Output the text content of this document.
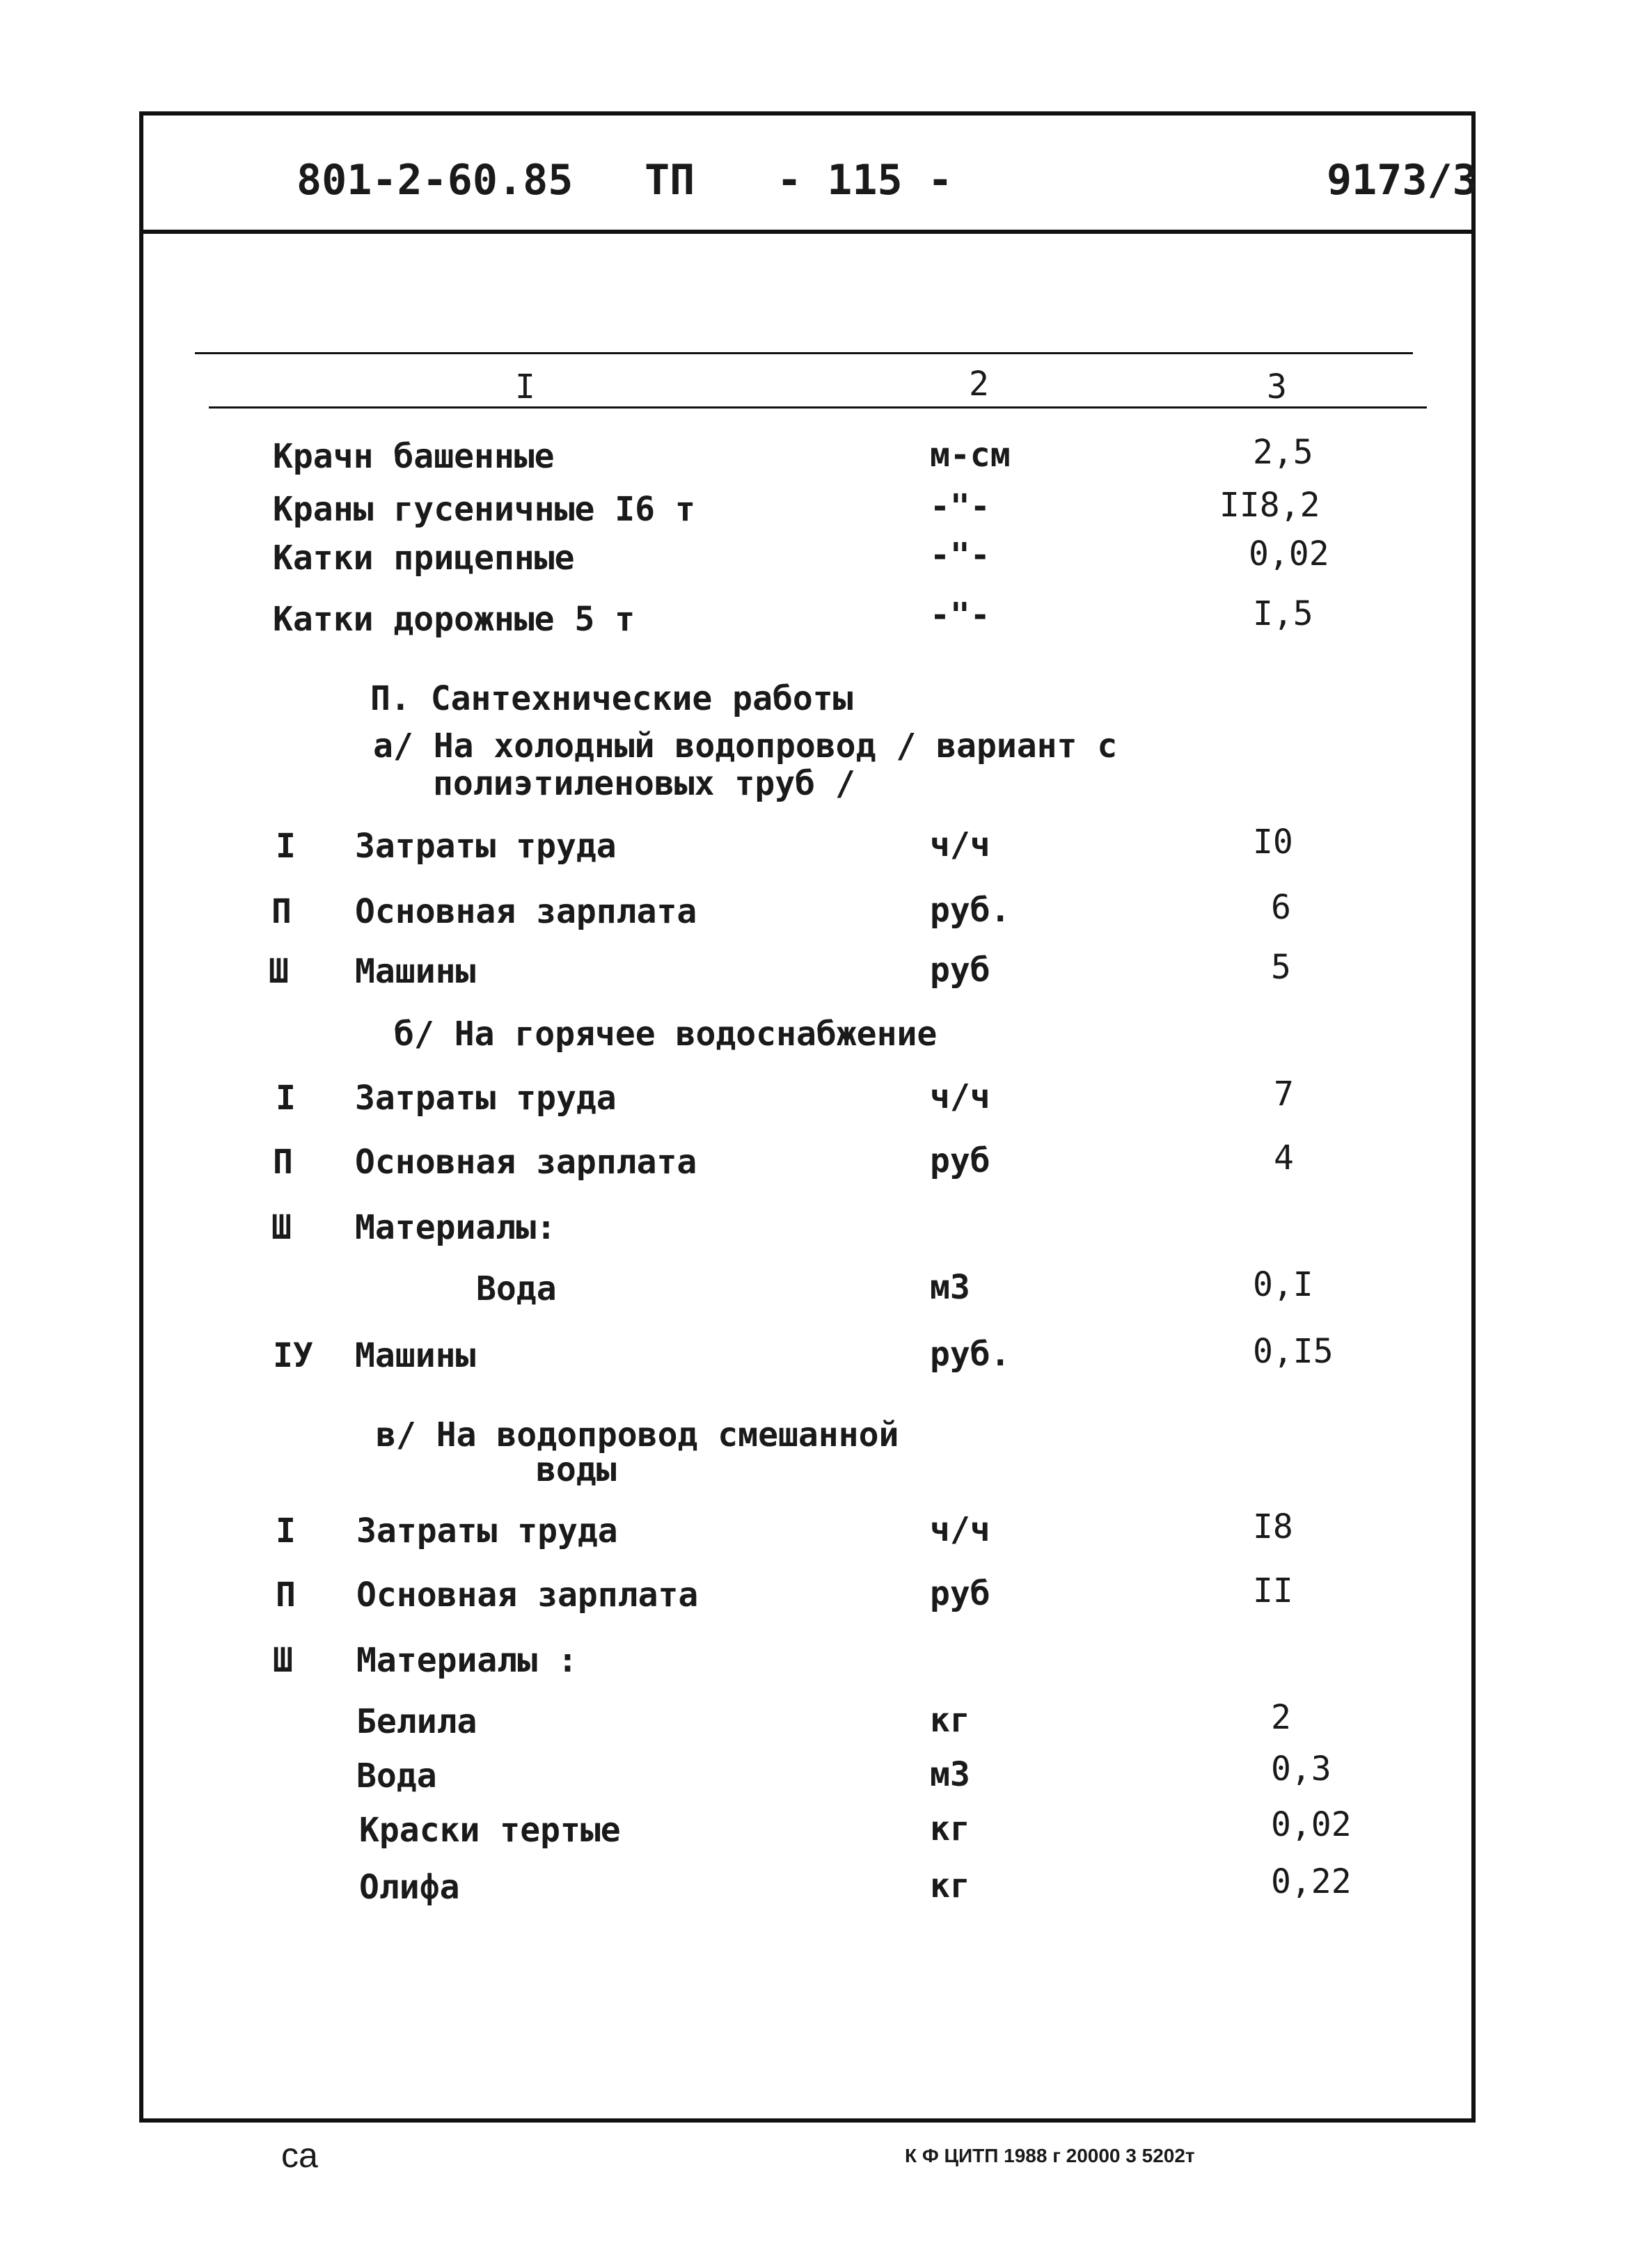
801-2-60.85 ТП - 115 -	9173/3
I	2	3
Крачн башенные	м-см	2,5
Краны гусеничные I6 т	-"-	II8,2
Катки прицепные	-"-	0,02
Катки дорожные 5 т	-"-	I,5
П. Сантехнические работы
а/ На холодный водопровод / вариант с
полиэтиленовых труб /
I Затраты труда	ч/ч	I0
П Основная зарплата	руб.	6
Ш Машины	руб	5
б/ На горячее водоснабжение
I Затраты труда	ч/ч	7
П Основная зарплата	руб	4
Ш Материалы:
Вода	м3	0,I
IУ Машины	руб.	0,I5
в/ На водопровод смешанной
воды
I Затраты труда	ч/ч	I8
П Основная зарплата	руб	II
Ш Материалы :
Белила	кг	2
Вода	м3	0,3
Краски тертые	кг	0,02
Олифа	кг	0,22
са	К Ф ЦИТП 1988 г 20000 3 5202т
